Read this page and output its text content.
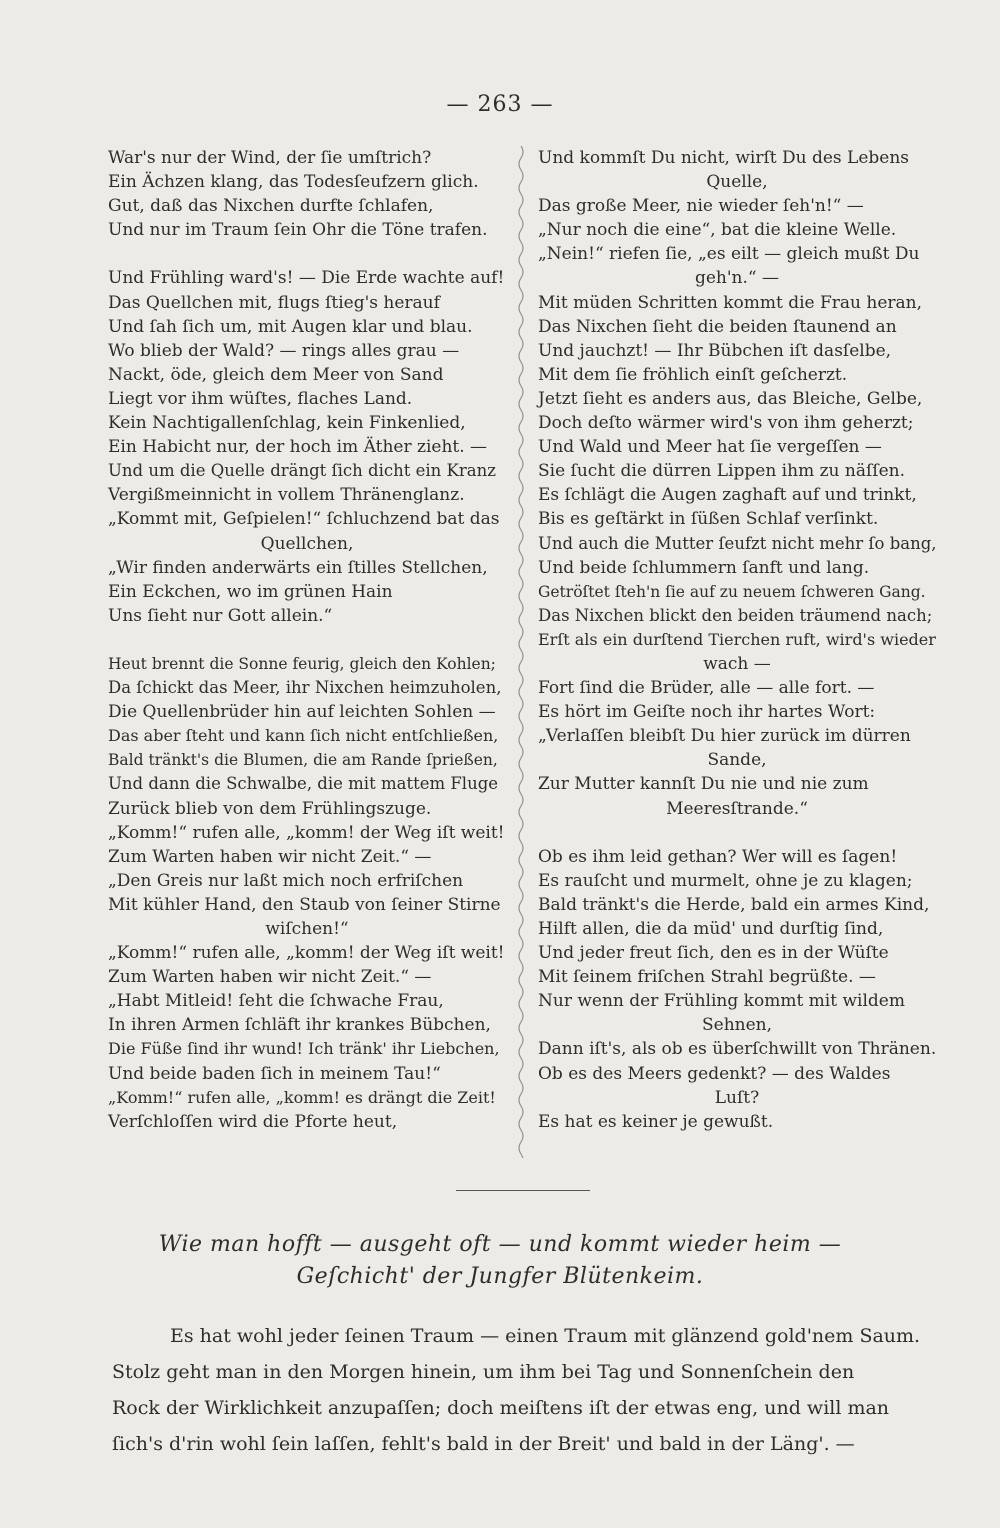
— 263 —
War's nur der Wind, der ſie umſtrich?
Ein Ächzen klang, das Todesſeufzern glich.
Gut, daß das Nixchen durfte ſchlafen,
Und nur im Traum ſein Ohr die Töne trafen.
Und Frühling ward's! — Die Erde wachte auf!
Das Quellchen mit, flugs ſtieg's herauf
Und ſah ſich um, mit Augen klar und blau.
Wo blieb der Wald? — rings alles grau —
Nackt, öde, gleich dem Meer von Sand
Liegt vor ihm wüſtes, flaches Land.
Kein Nachtigallenſchlag, kein Finkenlied,
Ein Habicht nur, der hoch im Äther zieht. —
Und um die Quelle drängt ſich dicht ein Kranz
Vergißmeinnicht in vollem Thränenglanz.
„Kommt mit, Geſpielen!“ ſchluchzend bat das
Quellchen,
„Wir finden anderwärts ein ſtilles Stellchen,
Ein Eckchen, wo im grünen Hain
Uns ſieht nur Gott allein.“
Heut brennt die Sonne feurig, gleich den Kohlen;
Da ſchickt das Meer, ihr Nixchen heimzuholen,
Die Quellenbrüder hin auf leichten Sohlen —
Das aber ſteht und kann ſich nicht entſchließen,
Bald tränkt's die Blumen, die am Rande ſprießen,
Und dann die Schwalbe, die mit mattem Fluge
Zurück blieb von dem Frühlingszuge.
„Komm!“ rufen alle, „komm! der Weg iſt weit!
Zum Warten haben wir nicht Zeit.“ —
„Den Greis nur laßt mich noch erfriſchen
Mit kühler Hand, den Staub von ſeiner Stirne
wiſchen!“
„Komm!“ rufen alle, „komm! der Weg iſt weit!
Zum Warten haben wir nicht Zeit.“ —
„Habt Mitleid! ſeht die ſchwache Frau,
In ihren Armen ſchläft ihr krankes Bübchen,
Die Füße ſind ihr wund! Ich tränk' ihr Liebchen,
Und beide baden ſich in meinem Tau!“
„Komm!“ rufen alle, „komm! es drängt die Zeit!
Verſchloſſen wird die Pforte heut,
Und kommſt Du nicht, wirſt Du des Lebens
Quelle,
Das große Meer, nie wieder ſeh'n!“ —
„Nur noch die eine“, bat die kleine Welle.
„Nein!“ riefen ſie, „es eilt — gleich mußt Du
geh'n.“ —
Mit müden Schritten kommt die Frau heran,
Das Nixchen ſieht die beiden ſtaunend an
Und jauchzt! — Ihr Bübchen iſt dasſelbe,
Mit dem ſie fröhlich einſt geſcherzt.
Jetzt ſieht es anders aus, das Bleiche, Gelbe,
Doch deſto wärmer wird's von ihm geherzt;
Und Wald und Meer hat ſie vergeſſen —
Sie ſucht die dürren Lippen ihm zu näſſen.
Es ſchlägt die Augen zaghaft auf und trinkt,
Bis es geſtärkt in ſüßen Schlaf verſinkt.
Und auch die Mutter ſeufzt nicht mehr ſo bang,
Und beide ſchlummern ſanft und lang.
Getröſtet ſteh'n ſie auf zu neuem ſchweren Gang.
Das Nixchen blickt den beiden träumend nach;
Erſt als ein durſtend Tierchen ruft, wird's wieder
wach —
Fort ſind die Brüder, alle — alle fort. —
Es hört im Geiſte noch ihr hartes Wort:
„Verlaſſen bleibſt Du hier zurück im dürren
Sande,
Zur Mutter kannſt Du nie und nie zum
Meeresſtrande.“
Ob es ihm leid gethan? Wer will es ſagen!
Es rauſcht und murmelt, ohne je zu klagen;
Bald tränkt's die Herde, bald ein armes Kind,
Hilft allen, die da müd' und durſtig ſind,
Und jeder freut ſich, den es in der Wüſte
Mit ſeinem friſchen Strahl begrüßte. —
Nur wenn der Frühling kommt mit wildem
Sehnen,
Dann iſt's, als ob es überſchwillt von Thränen.
Ob es des Meers gedenkt? — des Waldes
Luſt?
Es hat es keiner je gewußt.
Wie man hofft — ausgeht oft — und kommt wieder heim —
Geſchicht' der Jungfer Blütenkeim.
Es hat wohl jeder ſeinen Traum — einen Traum mit glänzend gold'nem Saum.
Stolz geht man in den Morgen hinein, um ihm bei Tag und Sonnenſchein den
Rock der Wirklichkeit anzupaſſen; doch meiſtens iſt der etwas eng, und will man
ſich's d'rin wohl ſein laſſen, fehlt's bald in der Breit' und bald in der Läng'. —
